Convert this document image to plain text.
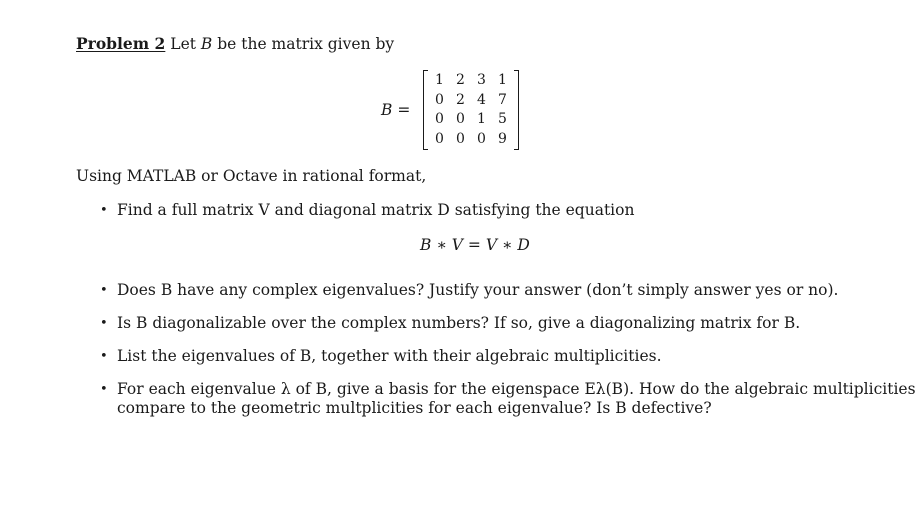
Problem 2 Let B be the matrix given by
B =
1 2 3 1
0 2 4 7
0 0 1 5
0 0 0 9
Using MATLAB or Octave in rational format,
• Find a full matrix V and diagonal matrix D satisfying the equation
B ∗ V = V ∗ D
• Does B have any complex eigenvalues? Justify your answer (don’t simply answer yes or no).
• Is B diagonalizable over the complex numbers? If so, give a diagonalizing matrix for B.
• List the eigenvalues of B, together with their algebraic multiplicities.
• For each eigenvalue λ of B, give a basis for the eigenspace Eλ(B). How do the algebraic multiplicities
compare to the geometric multplicities for each eigenvalue? Is B defective?
